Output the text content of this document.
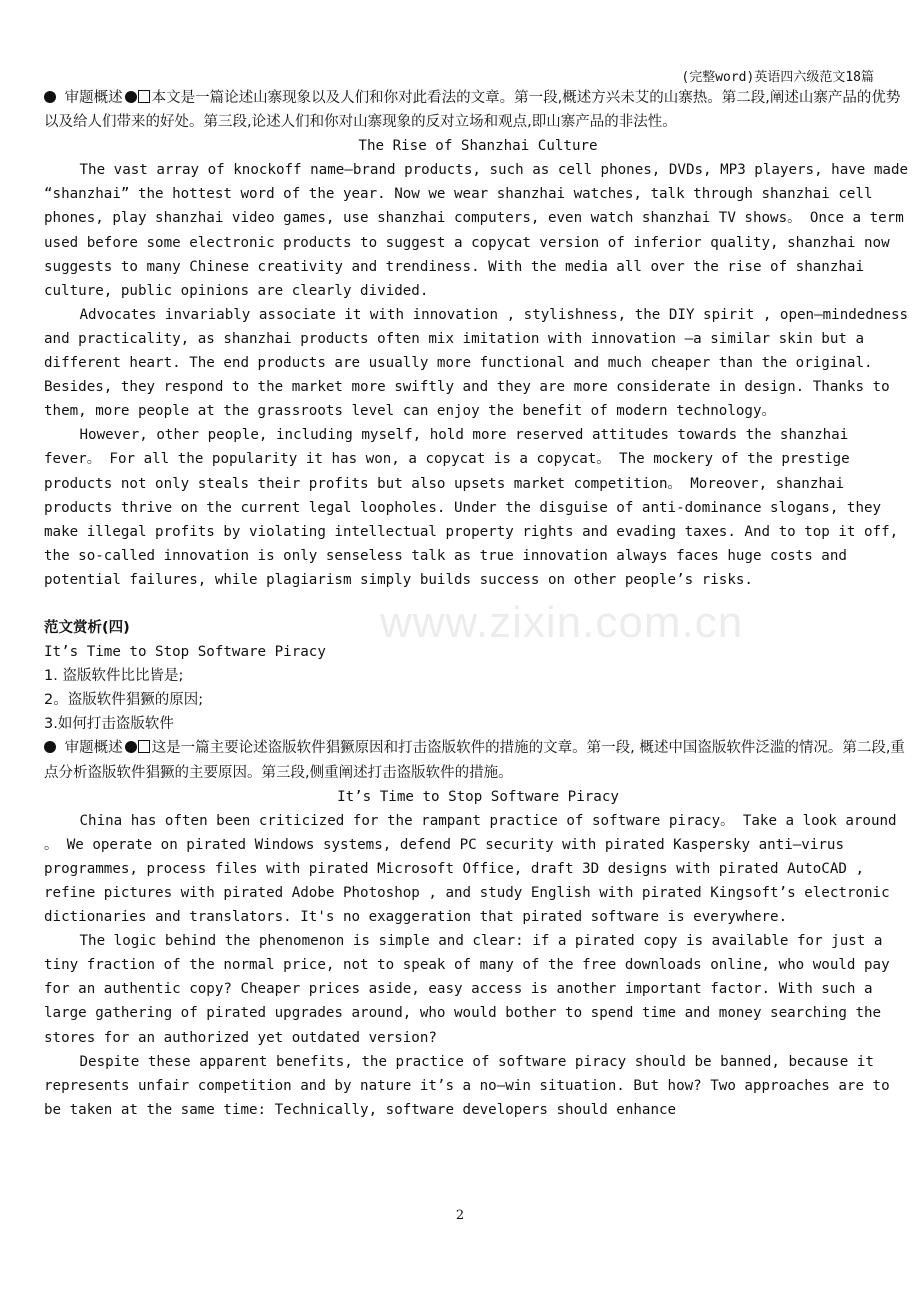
www.zixin.com.cn
(完整word)英语四六级范文18篇

审题概述 本文是一篇论述山寨现象以及人们和你对此看法的文章。第一段,概述方兴未艾的山寨热。第二段,阐述山寨产品的优势以及给人们带来的好处。第三段,论述人们和你对山寨现象的反对立场和观点,即山寨产品的非法性。

The Rise of Shanzhai Culture

The vast array of knockoff name—brand products, such as cell phones, DVDs, MP3 players, have made “shanzhai” the hottest word of the year. Now we wear shanzhai watches, talk through shanzhai cell phones, play shanzhai video games, use shanzhai computers, even watch shanzhai TV shows。 Once a term used before some electronic products to suggest a copycat version of inferior quality, shanzhai now suggests to many Chinese creativity and trendiness. With the media all over the rise of shanzhai culture, public opinions are clearly divided.

Advocates invariably associate it with innovation , stylishness, the DIY spirit , open—mindedness and practicality, as shanzhai products often mix imitation with innovation —a similar skin but a different heart. The end products are usually more functional and much cheaper than the original. Besides, they respond to the market more swiftly and they are more considerate in design. Thanks to them, more people at the grassroots level can enjoy the benefit of modern technology。

However, other people, including myself, hold more reserved attitudes towards the shanzhai fever。 For all the popularity it has won, a copycat is a copycat。 The mockery of the prestige products not only steals their profits but also upsets market competition。 Moreover, shanzhai products thrive on the current legal loopholes. Under the disguise of anti-dominance slogans, they make illegal profits by violating intellectual property rights and evading taxes. And to top it off, the so-called innovation is only senseless talk as true innovation always faces huge costs and potential failures, while plagiarism simply builds success on other people’s risks.

范文赏析(四)

It’s Time to Stop Software Piracy

1. 盗版软件比比皆是;

2。盗版软件猖獗的原因;

3.如何打击盗版软件

审题概述 这是一篇主要论述盗版软件猖獗原因和打击盗版软件的措施的文章。第一段, 概述中国盗版软件泛滥的情况。第二段,重点分析盗版软件猖獗的主要原因。第三段,侧重阐述打击盗版软件的措施。

It’s Time to Stop Software Piracy

China has often been criticized for the rampant practice of software piracy。 Take a look around 。 We operate on pirated Windows systems, defend PC security with pirated Kaspersky anti—virus programmes, process files with pirated Microsoft Office, draft 3D designs with pirated AutoCAD , refine pictures with pirated Adobe Photoshop , and study English with pirated Kingsoft’s electronic dictionaries and translators. It's no exaggeration that pirated software is everywhere.

The logic behind the phenomenon is simple and clear: if a pirated copy is available for just a tiny fraction of the normal price, not to speak of many of the free downloads online, who would pay for an authentic copy? Cheaper prices aside, easy access is another important factor. With such a large gathering of pirated upgrades around, who would bother to spend time and money searching the stores for an authorized yet outdated version?

Despite these apparent benefits, the practice of software piracy should be banned, because it represents unfair competition and by nature it’s a no—win situation. But how? Two approaches are to be taken at the same time: Technically, software developers should enhance

2
